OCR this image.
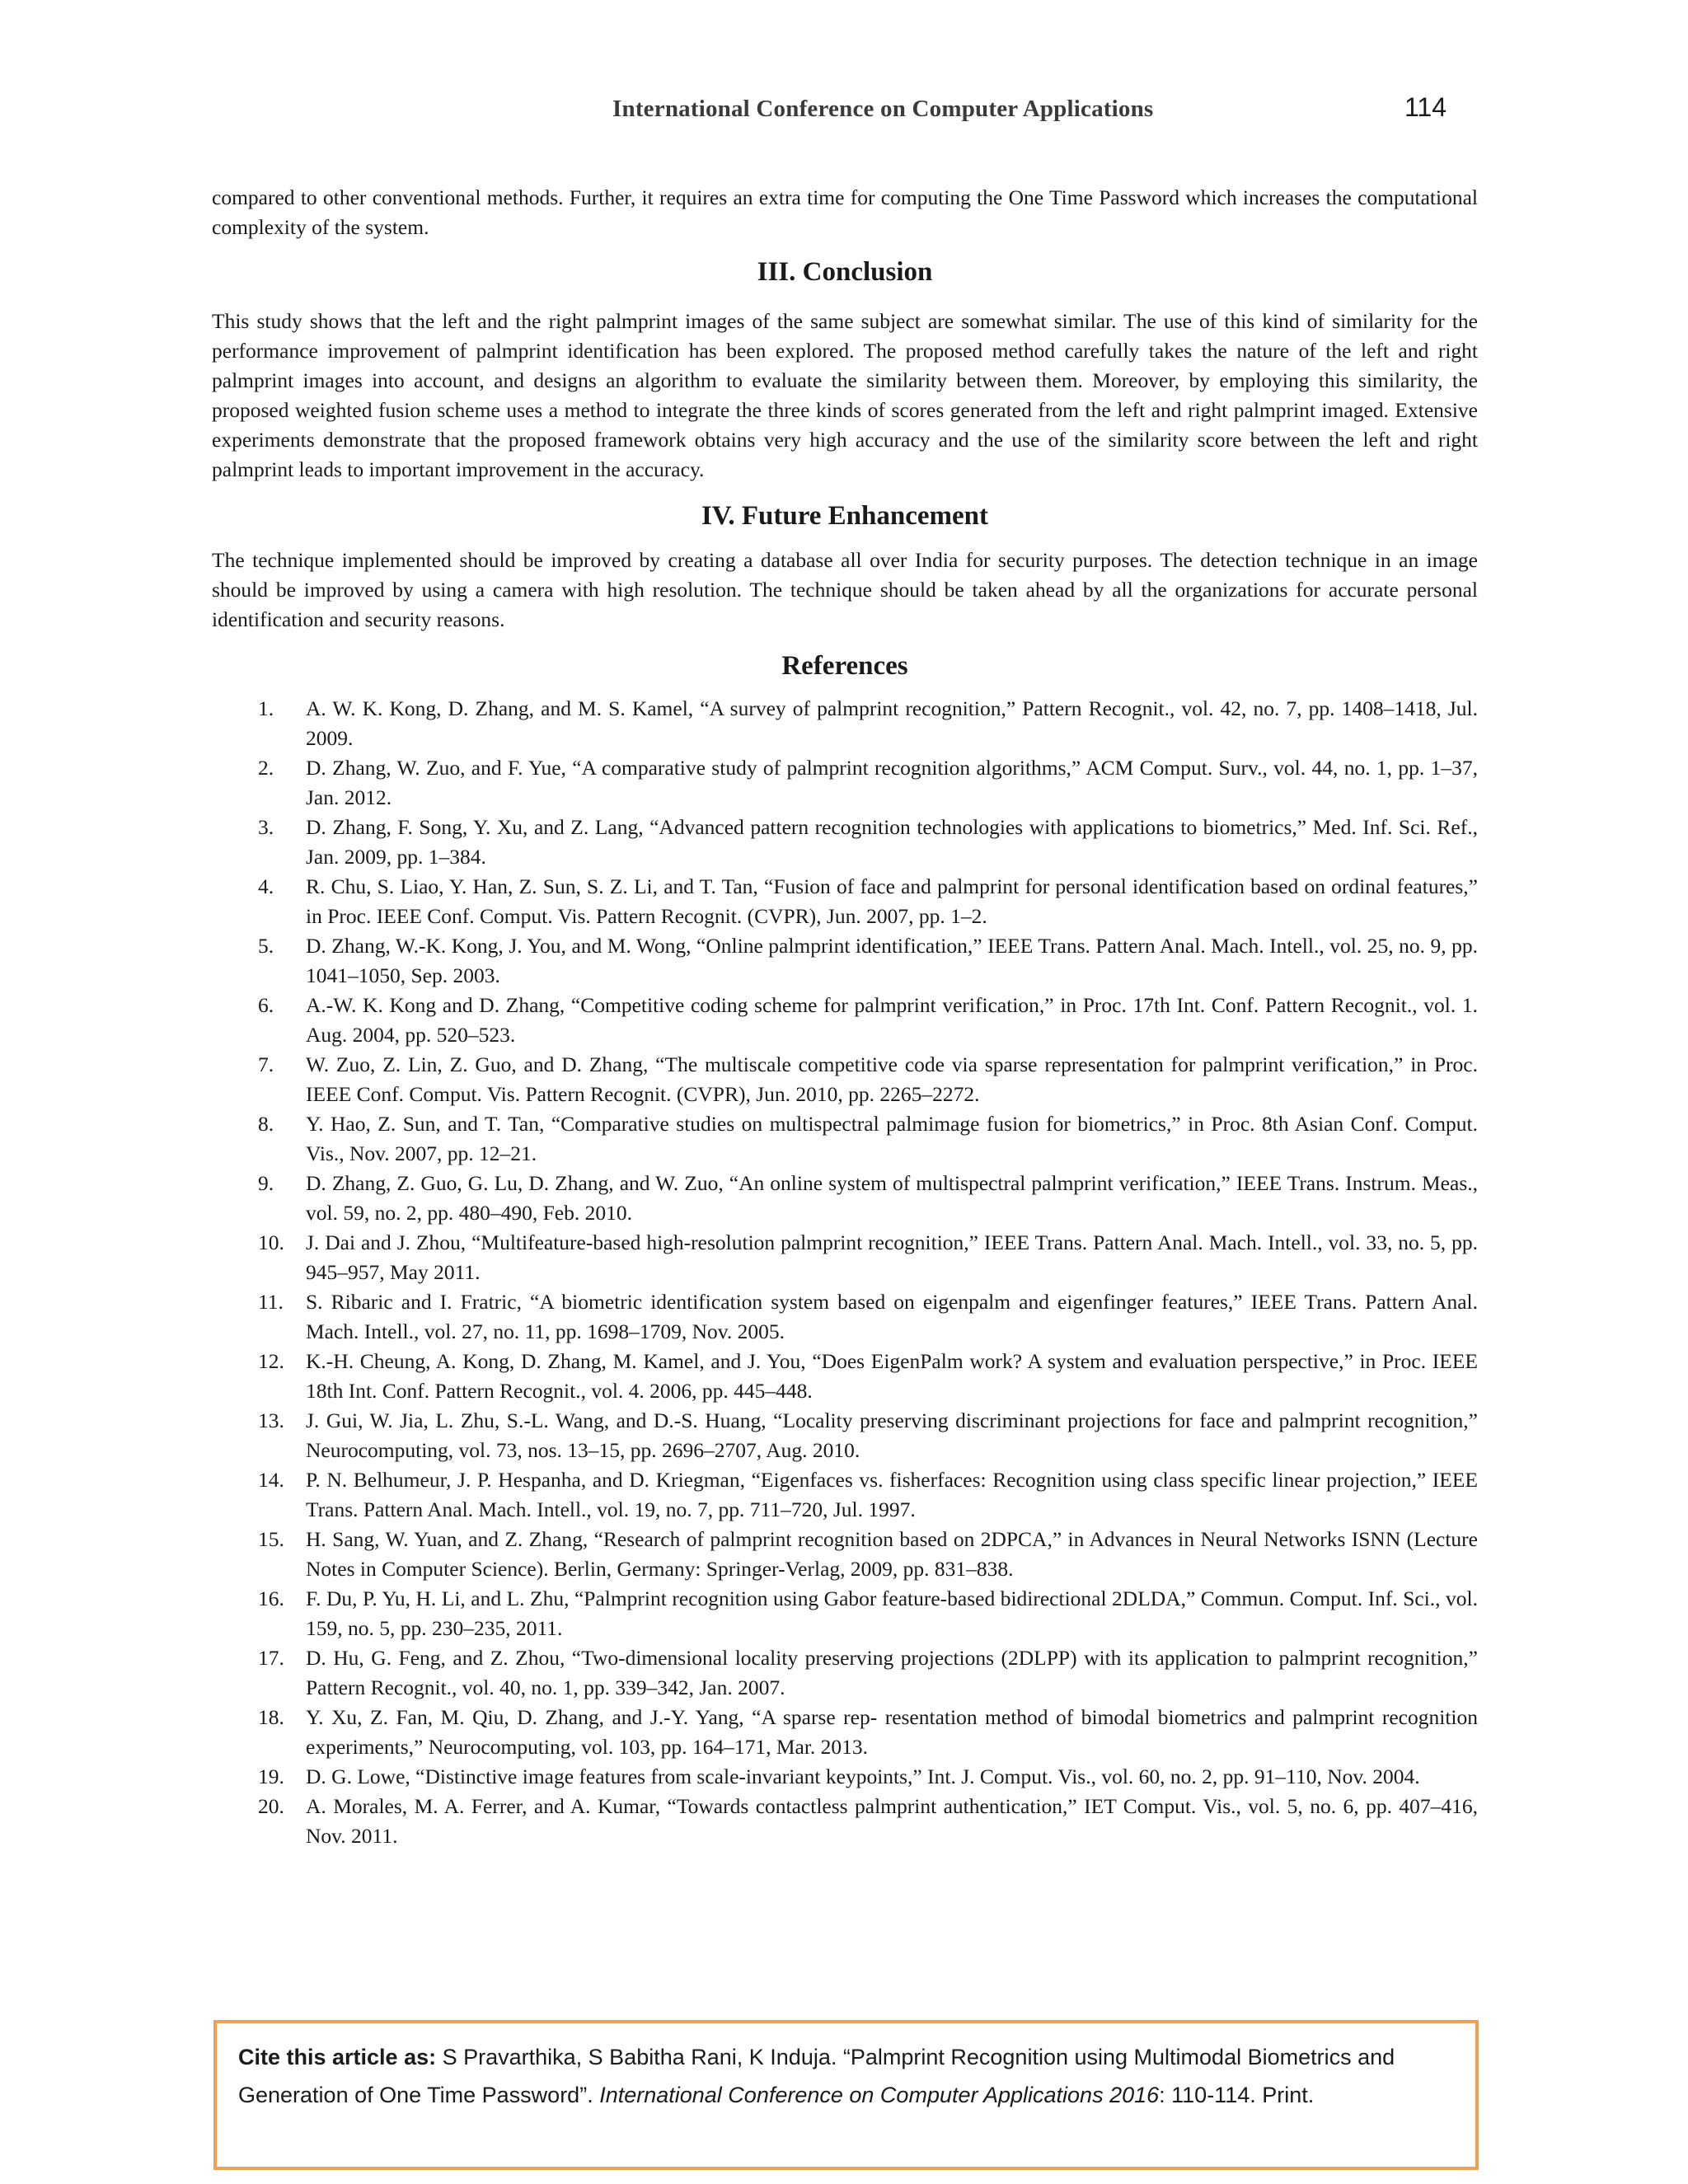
International Conference on Computer Applications	114

compared to other conventional methods. Further, it requires an extra time for computing the One Time Password which increases the computational complexity of the system.

III. Conclusion

This study shows that the left and the right palmprint images of the same subject are somewhat similar. The use of this kind of similarity for the performance improvement of palmprint identification has been explored. The proposed method carefully takes the nature of the left and right palmprint images into account, and designs an algorithm to evaluate the similarity between them. Moreover, by employing this similarity, the proposed weighted fusion scheme uses a method to integrate the three kinds of scores generated from the left and right palmprint imaged. Extensive experiments demonstrate that the proposed framework obtains very high accuracy and the use of the similarity score between the left and right palmprint leads to important improvement in the accuracy.

IV. Future Enhancement

The technique implemented should be improved by creating a database all over India for security purposes. The detection technique in an image should be improved by using a camera with high resolution. The technique should be taken ahead by all the organizations for accurate personal identification and security reasons.

References
1.	A. W. K. Kong, D. Zhang, and M. S. Kamel, “A survey of palmprint recognition,” Pattern Recognit., vol. 42, no. 7, pp. 1408–1418, Jul. 2009.
2.	D. Zhang, W. Zuo, and F. Yue, “A comparative study of palmprint recognition algorithms,” ACM Comput. Surv., vol. 44, no. 1, pp. 1–37, Jan. 2012.
3.	D. Zhang, F. Song, Y. Xu, and Z. Lang, “Advanced pattern recognition technologies with applications to biometrics,” Med. Inf. Sci. Ref., Jan. 2009, pp. 1–384.
4.	R. Chu, S. Liao, Y. Han, Z. Sun, S. Z. Li, and T. Tan, “Fusion of face and palmprint for personal identification based on ordinal features,” in Proc. IEEE Conf. Comput. Vis. Pattern Recognit. (CVPR), Jun. 2007, pp. 1–2.
5.	D. Zhang, W.-K. Kong, J. You, and M. Wong, “Online palmprint identification,” IEEE Trans. Pattern Anal. Mach. Intell., vol. 25, no. 9, pp. 1041–1050, Sep. 2003.
6.	A.-W. K. Kong and D. Zhang, “Competitive coding scheme for palmprint verification,” in Proc. 17th Int. Conf. Pattern Recognit., vol. 1. Aug. 2004, pp. 520–523.
7.	W. Zuo, Z. Lin, Z. Guo, and D. Zhang, “The multiscale competitive code via sparse representation for palmprint verification,” in Proc. IEEE Conf. Comput. Vis. Pattern Recognit. (CVPR), Jun. 2010, pp. 2265–2272.
8.	Y. Hao, Z. Sun, and T. Tan, “Comparative studies on multispectral palmimage fusion for biometrics,” in Proc. 8th Asian Conf. Comput. Vis., Nov. 2007, pp. 12–21.
9.	D. Zhang, Z. Guo, G. Lu, D. Zhang, and W. Zuo, “An online system of multispectral palmprint verification,” IEEE Trans. Instrum. Meas., vol. 59, no. 2, pp. 480–490, Feb. 2010.
10.	J. Dai and J. Zhou, “Multifeature-based high-resolution palmprint recognition,” IEEE Trans. Pattern Anal. Mach. Intell., vol. 33, no. 5, pp. 945–957, May 2011.
11.	S. Ribaric and I. Fratric, “A biometric identification system based on eigenpalm and eigenfinger features,” IEEE Trans. Pattern Anal. Mach. Intell., vol. 27, no. 11, pp. 1698–1709, Nov. 2005.
12.	K.-H. Cheung, A. Kong, D. Zhang, M. Kamel, and J. You, “Does EigenPalm work? A system and evaluation perspective,” in Proc. IEEE 18th Int. Conf. Pattern Recognit., vol. 4. 2006, pp. 445–448.
13.	J. Gui, W. Jia, L. Zhu, S.-L. Wang, and D.-S. Huang, “Locality preserving discriminant projections for face and palmprint recognition,” Neurocomputing, vol. 73, nos. 13–15, pp. 2696–2707, Aug. 2010.
14.	P. N. Belhumeur, J. P. Hespanha, and D. Kriegman, “Eigenfaces vs. fisherfaces: Recognition using class specific linear projection,” IEEE Trans. Pattern Anal. Mach. Intell., vol. 19, no. 7, pp. 711–720, Jul. 1997.
15.	H. Sang, W. Yuan, and Z. Zhang, “Research of palmprint recognition based on 2DPCA,” in Advances in Neural Networks ISNN (Lecture Notes in Computer Science). Berlin, Germany: Springer-Verlag, 2009, pp. 831–838.
16.	F. Du, P. Yu, H. Li, and L. Zhu, “Palmprint recognition using Gabor feature-based bidirectional 2DLDA,” Commun. Comput. Inf. Sci., vol. 159, no. 5, pp. 230–235, 2011.
17.	D. Hu, G. Feng, and Z. Zhou, “Two-dimensional locality preserving projections (2DLPP) with its application to palmprint recognition,” Pattern Recognit., vol. 40, no. 1, pp. 339–342, Jan. 2007.
18.	Y. Xu, Z. Fan, M. Qiu, D. Zhang, and J.-Y. Yang, “A sparse rep- resentation method of bimodal biometrics and palmprint recognition experiments,” Neurocomputing, vol. 103, pp. 164–171, Mar. 2013.
19.	D. G. Lowe, “Distinctive image features from scale-invariant keypoints,” Int. J. Comput. Vis., vol. 60, no. 2, pp. 91–110, Nov. 2004.
20.	A. Morales, M. A. Ferrer, and A. Kumar, “Towards contactless palmprint authentication,” IET Comput. Vis., vol. 5, no. 6, pp. 407–416, Nov. 2011.
Cite this article as: S Pravarthika, S Babitha Rani, K Induja. “Palmprint Recognition using Multimodal Biometrics and Generation of One Time Password”. International Conference on Computer Applications 2016: 110-114. Print.
